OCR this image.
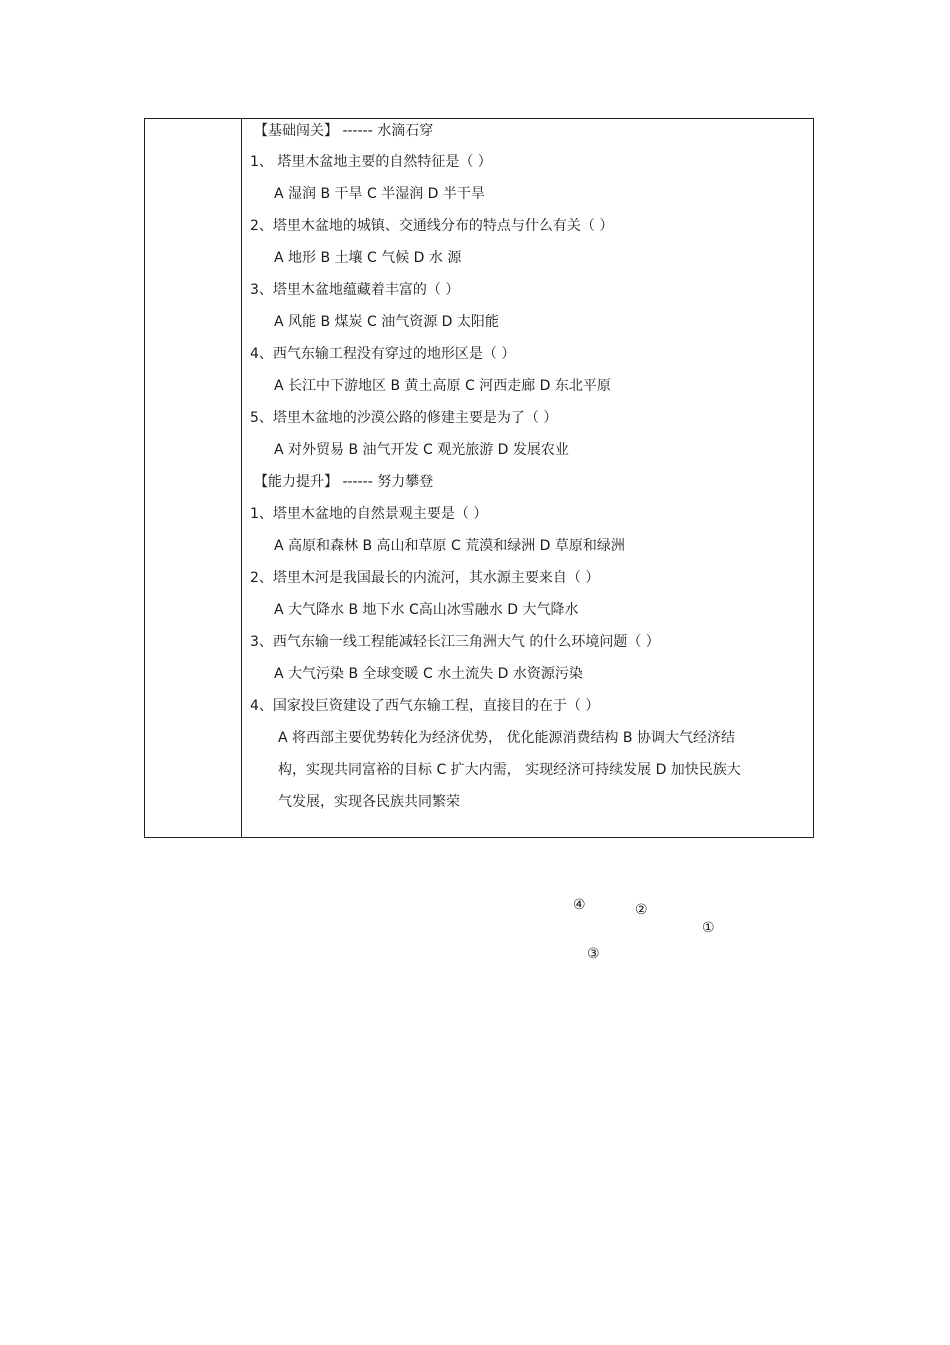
【基础闯关】 ------ 水滴石穿
1、 塔里木盆地主要的自然特征是（ ）
A 湿润 B 干旱 C 半湿润 D 半干旱
2、塔里木盆地的城镇、交通线分布的特点与什么有关（ ）
A 地形 B 土壤 C 气候 D 水 源
3、塔里木盆地蕴藏着丰富的（ ）
A 风能 B 煤炭 C 油气资源 D 太阳能
4、西气东输工程没有穿过的地形区是（ ）
A 长江中下游地区 B 黄土高原 C 河西走廊 D 东北平原
5、塔里木盆地的沙漠公路的修建主要是为了（ ）
A 对外贸易 B 油气开发 C 观光旅游 D 发展农业
【能力提升】 ------ 努力攀登
1、塔里木盆地的自然景观主要是（ ）
A 高原和森林 B 高山和草原 C 荒漠和绿洲 D 草原和绿洲
2、塔里木河是我国最长的内流河，其水源主要来自（ ）
A 大气降水 B 地下水 C高山冰雪融水 D 大气降水
3、西气东输一线工程能减轻长江三角洲大气 的什么环境问题（ ）
A 大气污染 B 全球变暖 C 水土流失 D 水资源污染
4、国家投巨资建设了西气东输工程，直接目的在于（ ）
A 将西部主要优势转化为经济优势， 优化能源消费结构 B 协调大气经济结
构，实现共同富裕的目标 C 扩大内需， 实现经济可持续发展 D 加快民族大
气发展，实现各民族共同繁荣
④	②
①
③
